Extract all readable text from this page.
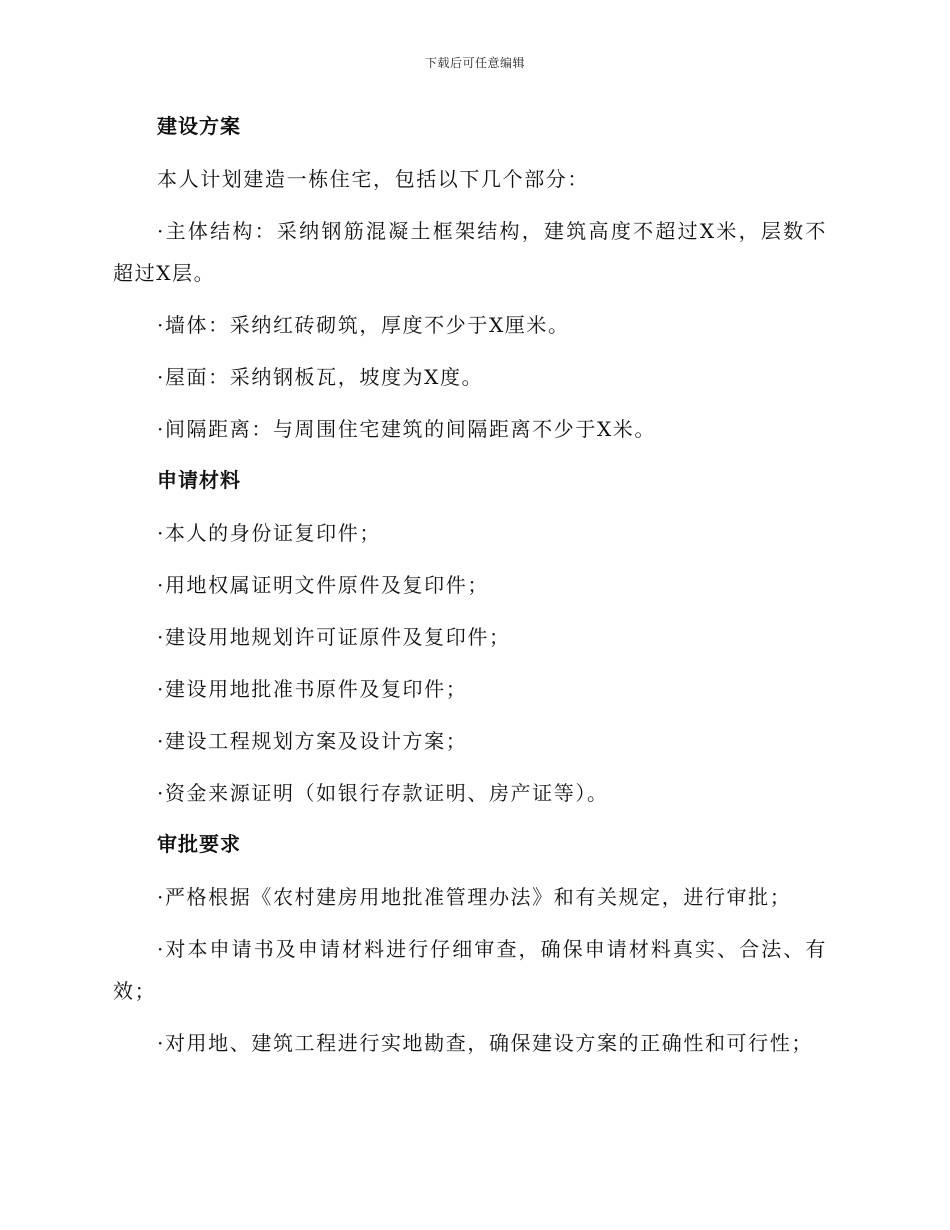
下载后可任意编辑
建设方案

本人计划建造一栋住宅，包括以下几个部分：

·主体结构：采纳钢筋混凝土框架结构，建筑高度不超过X米，层数不超过X层。

·墙体：采纳红砖砌筑，厚度不少于X厘米。

·屋面：采纳钢板瓦，坡度为X度。

·间隔距离：与周围住宅建筑的间隔距离不少于X米。

申请材料

·本人的身份证复印件；

·用地权属证明文件原件及复印件；

·建设用地规划许可证原件及复印件；

·建设用地批准书原件及复印件；

·建设工程规划方案及设计方案；

·资金来源证明（如银行存款证明、房产证等）。

审批要求

·严格根据《农村建房用地批准管理办法》和有关规定，进行审批；

·对本申请书及申请材料进行仔细审查，确保申请材料真实、合法、有效；

·对用地、建筑工程进行实地勘查，确保建设方案的正确性和可行性；
